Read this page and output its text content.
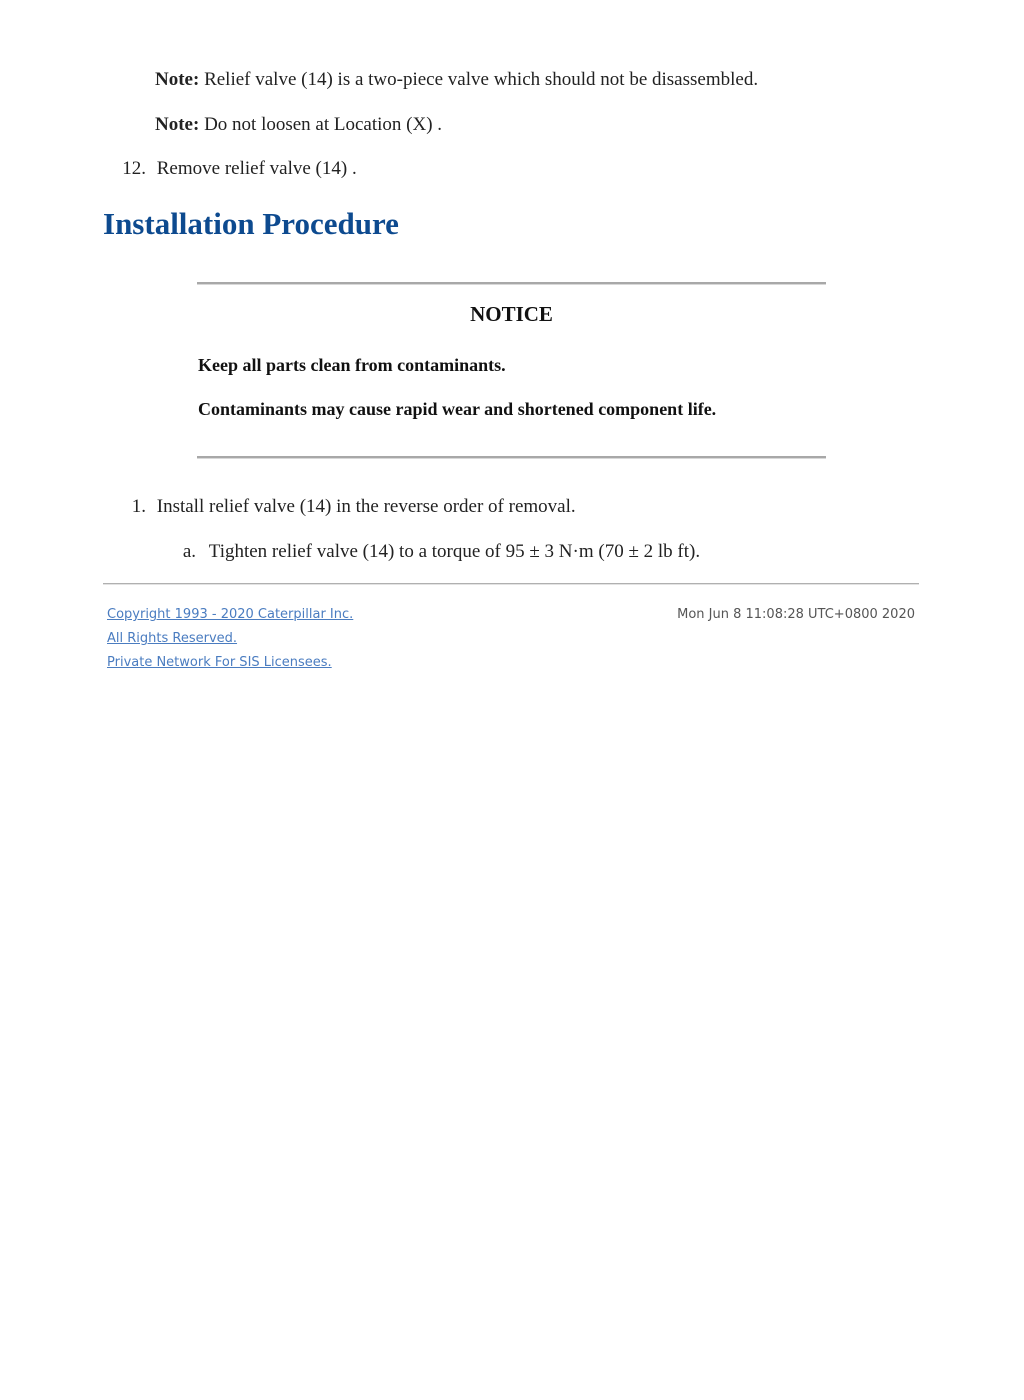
Note: Relief valve (14) is a two-piece valve which should not be disassembled.
Note: Do not loosen at Location (X) .
12. Remove relief valve (14) .
Installation Procedure
NOTICE
Keep all parts clean from contaminants.
Contaminants may cause rapid wear and shortened component life.
1. Install relief valve (14) in the reverse order of removal.
a. Tighten relief valve (14) to a torque of 95 ± 3 N·m (70 ± 2 lb ft).
Copyright 1993 - 2020 Caterpillar Inc.
All Rights Reserved.
Private Network For SIS Licensees.
Mon Jun 8 11:08:28 UTC+0800 2020
